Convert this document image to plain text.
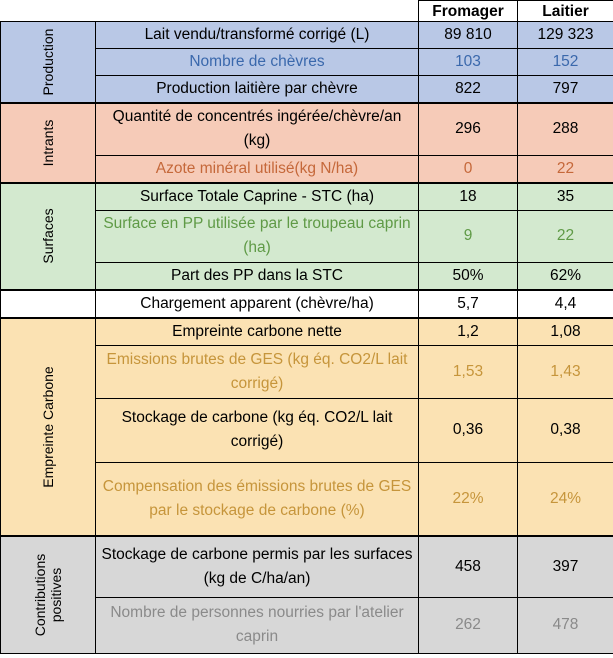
		Fromager	Laitier

Production	Lait vendu/transformé corrigé (L)	89 810	129 323
	Nombre de chèvres	103	152
	Production laitière par chèvre	822	797

Intrants	Quantité de concentrés ingérée/chèvre/an (kg)	296	288
	Azote minéral utilisé(kg N/ha)	0	22

Surfaces	Surface Totale Caprine - STC (ha)	18	35
	Surface en PP utilisée par le troupeau caprin (ha)	9	22
	Part des PP dans la STC	50%	62%
	Chargement apparent (chèvre/ha)	5,7	4,4

Empreinte Carbone	Empreinte carbone nette	1,2	1,08
	Emissions brutes de GES (kg éq. CO2/L lait corrigé)	1,53	1,43
	Stockage de carbone (kg éq. CO2/L lait corrigé)	0,36	0,38
	Compensation des émissions brutes de GES par le stockage de carbone (%)	22%	24%

Contributions positives	Stockage de carbone permis par les surfaces (kg de C/ha/an)	458	397
	Nombre de personnes nourries par l'atelier caprin	262	478
